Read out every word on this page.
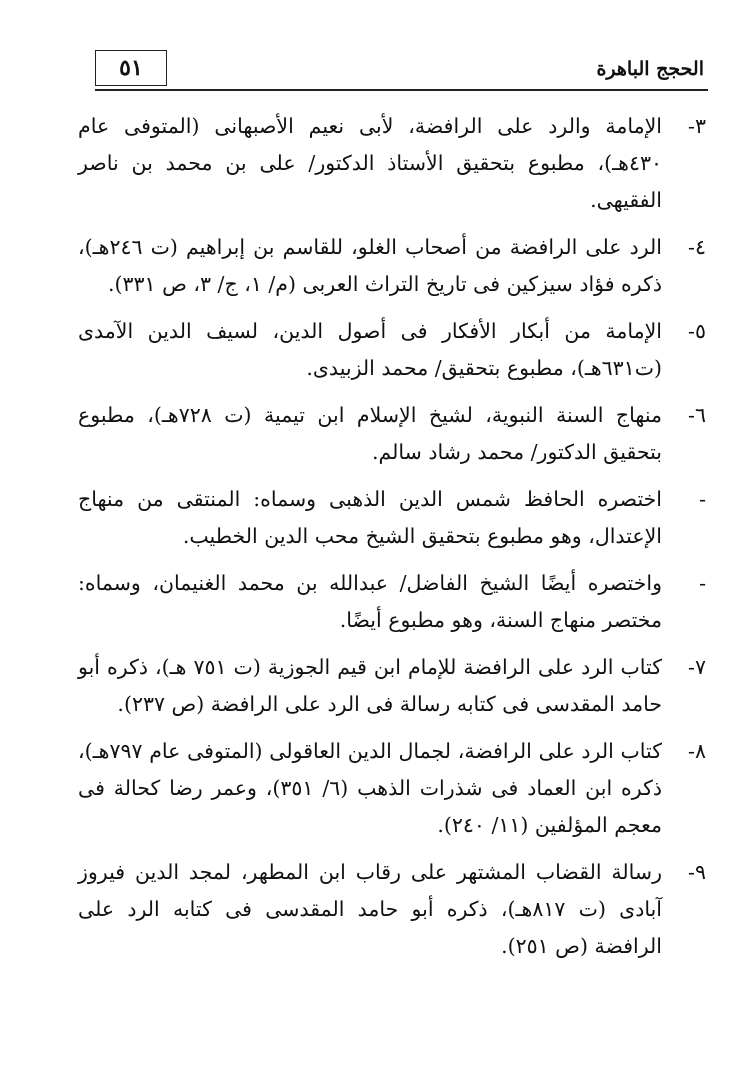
٥١	الحجج الباهرة
٣-
الإمامة والرد على الرافضة، لأبى نعيم الأصبهانى (المتوفى عام ٤٣٠هـ)، مطبوع بتحقيق الأستاذ الدكتور/ على بن محمد بن ناصر الفقيهى.
٤-
الرد على الرافضة من أصحاب الغلو، للقاسم بن إبراهيم (ت ٢٤٦هـ)، ذكره فؤاد سيزكين فى تاريخ التراث العربى (م/ ١، ج/ ٣، ص ٣٣١).
٥-
الإمامة من أبكار الأفكار فى أصول الدين، لسيف الدين الآمدى (ت٦٣١هـ)، مطبوع بتحقيق/ محمد الزبيدى.
٦-
منهاج السنة النبوية، لشيخ الإسلام ابن تيمية (ت ٧٢٨هـ)، مطبوع بتحقيق الدكتور/ محمد رشاد سالم.
-
اختصره الحافظ شمس الدين الذهبى وسماه: المنتقى من منهاج الإعتدال، وهو مطبوع بتحقيق الشيخ محب الدين الخطيب.
-
واختصره أيضًا الشيخ الفاضل/ عبدالله بن محمد الغنيمان، وسماه: مختصر منهاج السنة، وهو مطبوع أيضًا.
٧-
كتاب الرد على الرافضة للإمام ابن قيم الجوزية (ت ٧٥١ هـ)، ذكره أبو حامد المقدسى فى كتابه رسالة فى الرد على الرافضة (ص ٢٣٧).
٨-
كتاب الرد على الرافضة، لجمال الدين العاقولى (المتوفى عام ٧٩٧هـ)، ذكره ابن العماد فى شذرات الذهب (٦/ ٣٥١)، وعمر رضا كحالة فى معجم المؤلفين (١١/ ٢٤٠).
٩-
رسالة القضاب المشتهر على رقاب ابن المطهر، لمجد الدين فيروز آبادى (ت ٨١٧هـ)، ذكره أبو حامد المقدسى فى كتابه الرد على الرافضة (ص ٢٥١).
